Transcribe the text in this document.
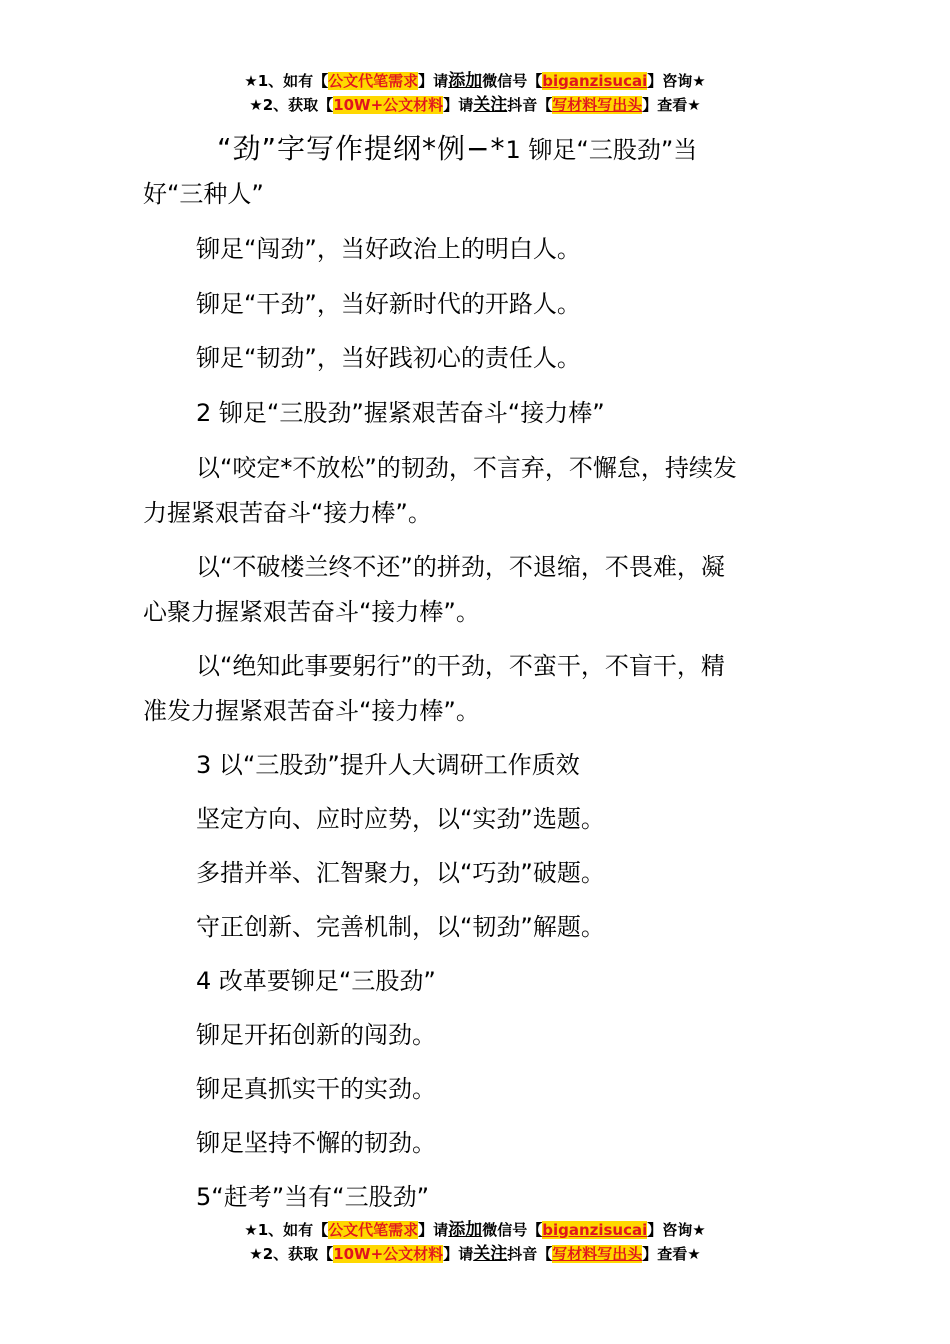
★1、如有【公文代笔需求】请添加微信号【biganzisucai】咨询★
★2、获取【10W+公文材料】请关注抖音【写材料写出头】查看★
“劲”字写作提纲*例−*1 铆足“三股劲”当
好“三种人”
铆足“闯劲”，当好政治上的明白人。
铆足“干劲”，当好新时代的开路人。
铆足“韧劲”，当好践初心的责任人。
2 铆足“三股劲”握紧艰苦奋斗“接力棒”
以“咬定*不放松”的韧劲，不言弃，不懈怠，持续发
力握紧艰苦奋斗“接力棒”。
以“不破楼兰终不还”的拼劲，不退缩，不畏难，凝
心聚力握紧艰苦奋斗“接力棒”。
以“绝知此事要躬行”的干劲，不蛮干，不盲干，精
准发力握紧艰苦奋斗“接力棒”。
3 以“三股劲”提升人大调研工作质效
坚定方向、应时应势，以“实劲”选题。
多措并举、汇智聚力，以“巧劲”破题。
守正创新、完善机制，以“韧劲”解题。
4 改革要铆足“三股劲”
铆足开拓创新的闯劲。
铆足真抓实干的实劲。
铆足坚持不懈的韧劲。
5“赶考”当有“三股劲”
★1、如有【公文代笔需求】请添加微信号【biganzisucai】咨询★
★2、获取【10W+公文材料】请关注抖音【写材料写出头】查看★
